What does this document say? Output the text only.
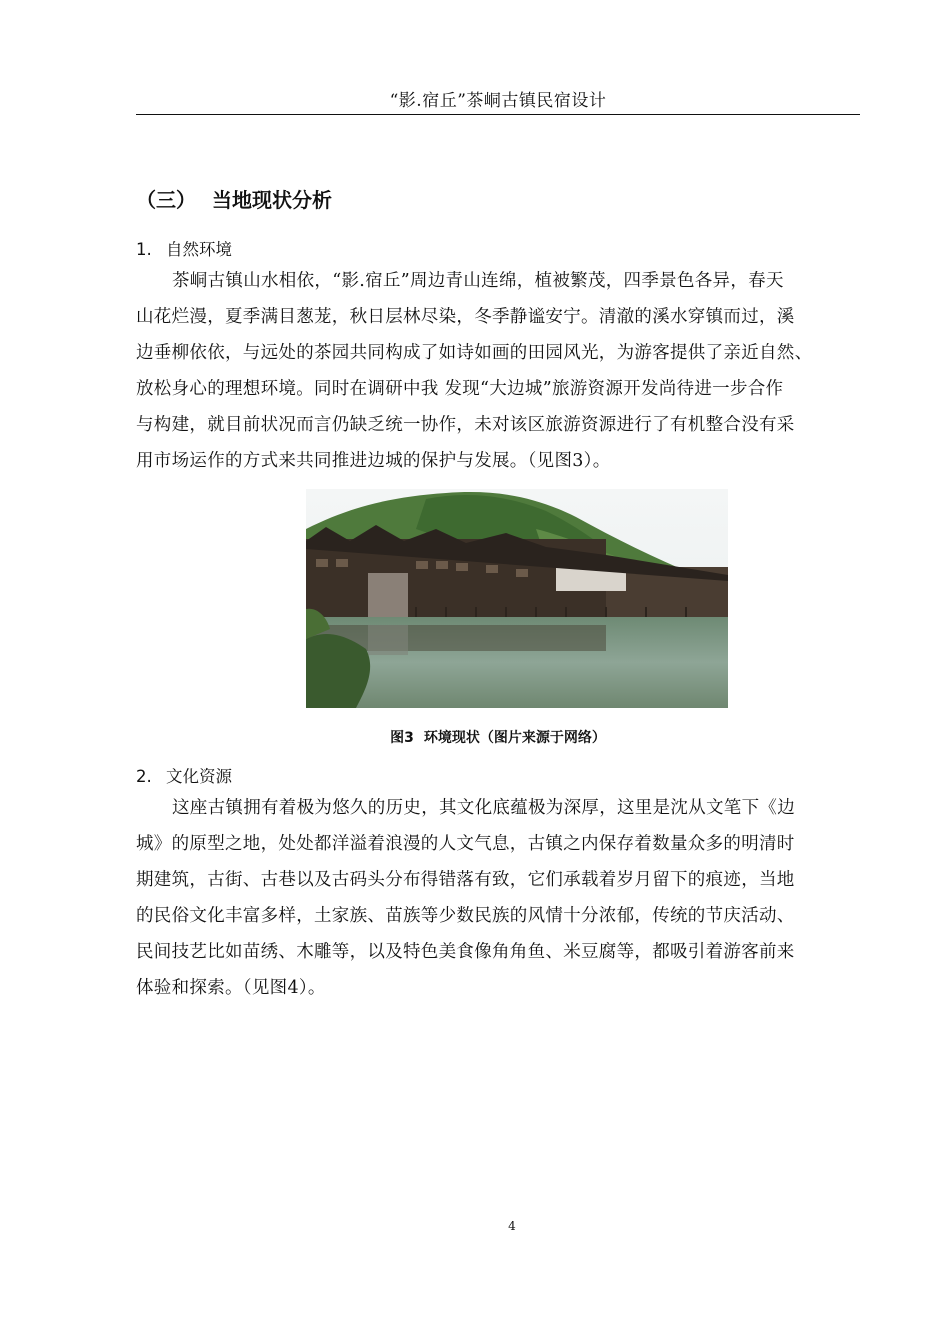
“影.宿丘”茶峒古镇民宿设计
（三） 当地现状分析
1. 自然环境
茶峒古镇山水相依，“影.宿丘”周边青山连绵，植被繁茂，四季景色各异，春天
山花烂漫，夏季满目葱茏，秋日层林尽染，冬季静谧安宁。清澈的溪水穿镇而过，溪
边垂柳依依，与远处的茶园共同构成了如诗如画的田园风光，为游客提供了亲近自然、
放松身心的理想环境。同时在调研中我 发现“大边城”旅游资源开发尚待进一步合作
与构建，就目前状况而言仍缺乏统一协作，未对该区旅游资源进行了有机整合没有采
用市场运作的方式来共同推进边城的保护与发展。（见图3）。
图3 环境现状（图片来源于网络）
2. 文化资源
这座古镇拥有着极为悠久的历史，其文化底蕴极为深厚，这里是沈从文笔下《边
城》的原型之地，处处都洋溢着浪漫的人文气息，古镇之内保存着数量众多的明清时
期建筑，古街、古巷以及古码头分布得错落有致，它们承载着岁月留下的痕迹，当地
的民俗文化丰富多样，土家族、苗族等少数民族的风情十分浓郁，传统的节庆活动、
民间技艺比如苗绣、木雕等，以及特色美食像角角鱼、米豆腐等，都吸引着游客前来
体验和探索。（见图4）。
4
